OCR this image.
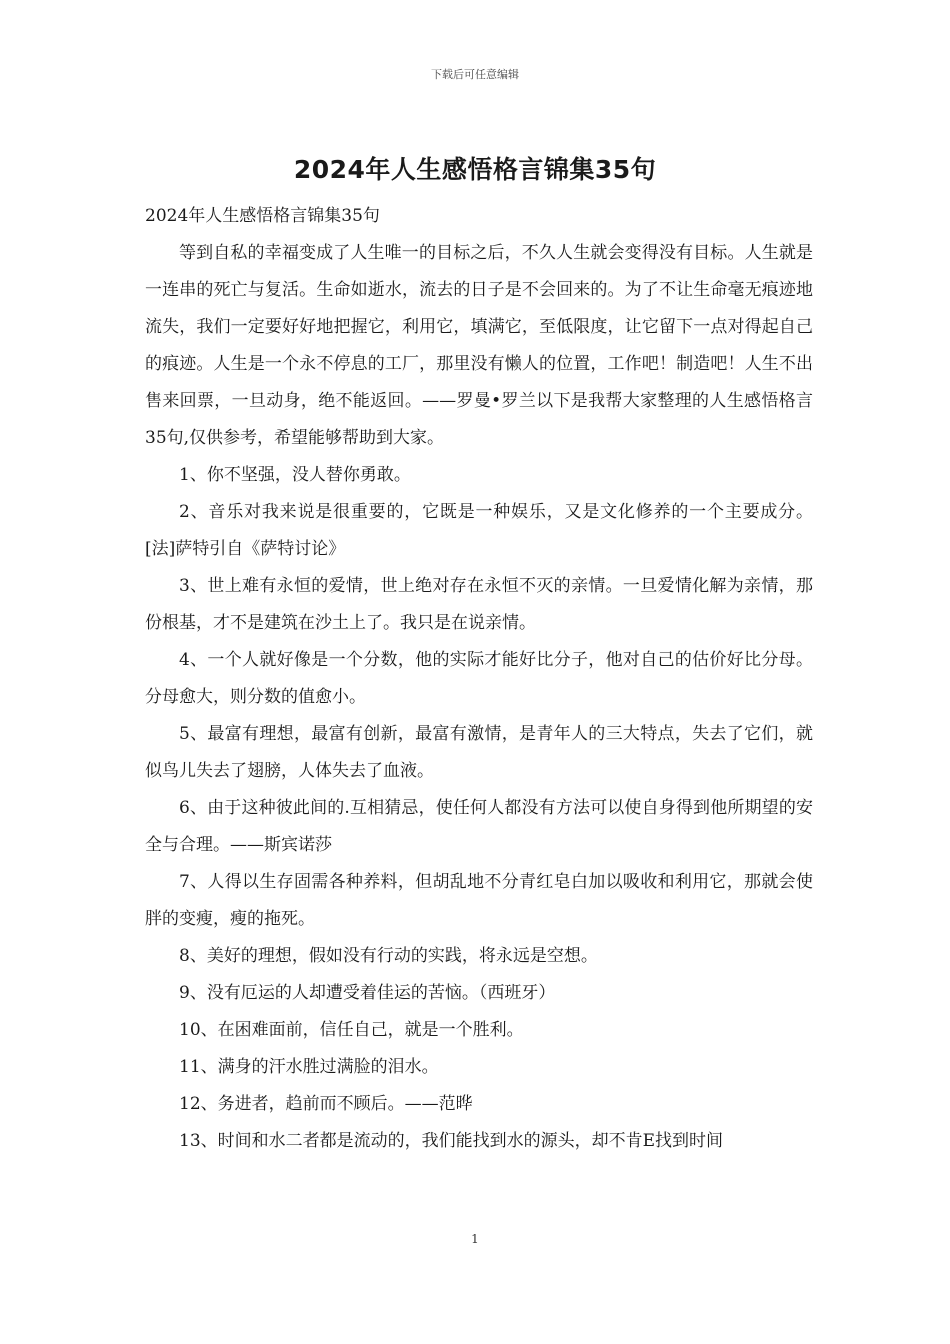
下载后可任意编辑
2024年人生感悟格言锦集35句

2024年人生感悟格言锦集35句

等到自私的幸福变成了人生唯一的目标之后，不久人生就会变得没有目标。人生就是一连串的死亡与复活。生命如逝水，流去的日子是不会回来的。为了不让生命毫无痕迹地流失，我们一定要好好地把握它，利用它，填满它，至低限度，让它留下一点对得起自己的痕迹。人生是一个永不停息的工厂，那里没有懒人的位置，工作吧！制造吧！人生不出售来回票，一旦动身，绝不能返回。——罗曼•罗兰以下是我帮大家整理的人生感悟格言35句,仅供参考，希望能够帮助到大家。

1、你不坚强，没人替你勇敢。

2、音乐对我来说是很重要的，它既是一种娱乐，又是文化修养的一个主要成分。[法]萨特引自《萨特讨论》

3、世上难有永恒的爱情，世上绝对存在永恒不灭的亲情。一旦爱情化解为亲情，那份根基，才不是建筑在沙土上了。我只是在说亲情。

4、一个人就好像是一个分数，他的实际才能好比分子，他对自己的估价好比分母。分母愈大，则分数的值愈小。

5、最富有理想，最富有创新，最富有激情，是青年人的三大特点，失去了它们，就似鸟儿失去了翅膀，人体失去了血液。

6、由于这种彼此间的.互相猜忌，使任何人都没有方法可以使自身得到他所期望的安全与合理。——斯宾诺莎

7、人得以生存固需各种养料，但胡乱地不分青红皂白加以吸收和利用它，那就会使胖的变瘦，瘦的拖死。

8、美好的理想，假如没有行动的实践，将永远是空想。

9、没有厄运的人却遭受着佳运的苦恼。（西班牙）

10、在困难面前，信任自己，就是一个胜利。

11、满身的汗水胜过满脸的泪水。

12、务进者，趋前而不顾后。——范晔

13、时间和水二者都是流动的，我们能找到水的源头，却不肯E找到时间

1
